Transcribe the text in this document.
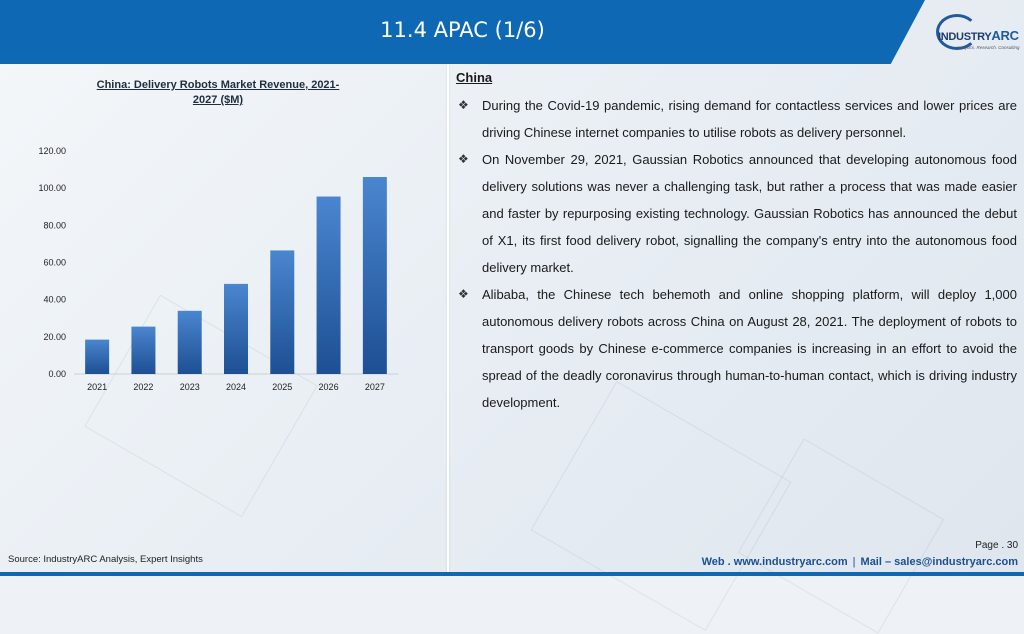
11.4 APAC (1/6)	INDUSTRYARC
Analytics. Research. Consulting
China: Delivery Robots Market Revenue, 2021-2027 ($M)
0.00
20.00
40.00
60.00
80.00
100.00
120.00
2021	2022	2023	2024	2025	2026	2027
China
❖ During the Covid-19 pandemic, rising demand for contactless services and lower prices are driving Chinese internet companies to utilise robots as delivery personnel.
❖ On November 29, 2021, Gaussian Robotics announced that developing autonomous food delivery solutions was never a challenging task, but rather a process that was made easier and faster by repurposing existing technology. Gaussian Robotics has announced the debut of X1, its first food delivery robot, signalling the company's entry into the autonomous food delivery market.
❖ Alibaba, the Chinese tech behemoth and online shopping platform, will deploy 1,000 autonomous delivery robots across China on August 28, 2021. The deployment of robots to transport goods by Chinese e-commerce companies is increasing in an effort to avoid the spread of the deadly coronavirus through human-to-human contact, which is driving industry development.
Source: IndustryARC Analysis, Expert Insights
Page . 30
Web . www.industryarc.com | Mail – sales@industryarc.com
